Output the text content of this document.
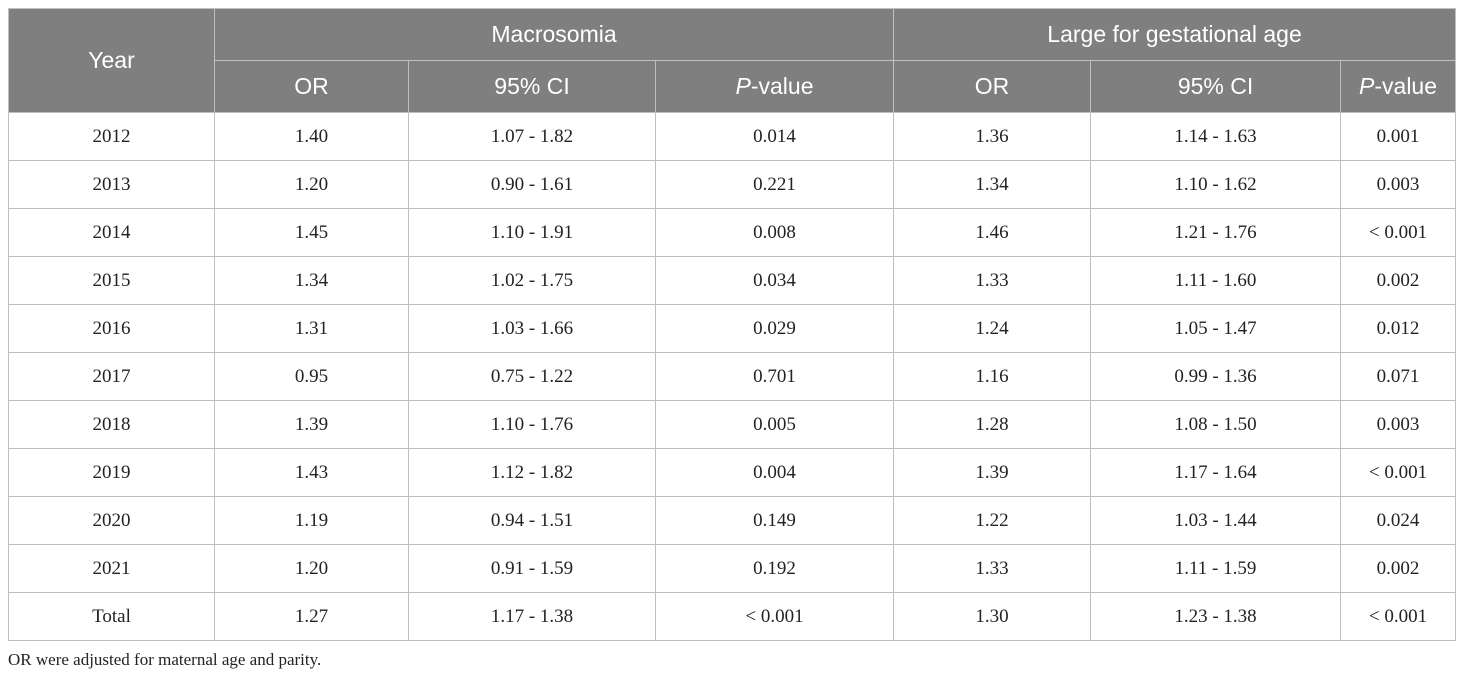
Year	Macrosomia			Large for gestational age		
	OR	95% CI	P-value	OR	95% CI	P-value
2012	1.40	1.07 - 1.82	0.014	1.36	1.14 - 1.63	0.001
2013	1.20	0.90 - 1.61	0.221	1.34	1.10 - 1.62	0.003
2014	1.45	1.10 - 1.91	0.008	1.46	1.21 - 1.76	< 0.001
2015	1.34	1.02 - 1.75	0.034	1.33	1.11 - 1.60	0.002
2016	1.31	1.03 - 1.66	0.029	1.24	1.05 - 1.47	0.012
2017	0.95	0.75 - 1.22	0.701	1.16	0.99 - 1.36	0.071
2018	1.39	1.10 - 1.76	0.005	1.28	1.08 - 1.50	0.003
2019	1.43	1.12 - 1.82	0.004	1.39	1.17 - 1.64	< 0.001
2020	1.19	0.94 - 1.51	0.149	1.22	1.03 - 1.44	0.024
2021	1.20	0.91 - 1.59	0.192	1.33	1.11 - 1.59	0.002
Total	1.27	1.17 - 1.38	< 0.001	1.30	1.23 - 1.38	< 0.001
OR were adjusted for maternal age and parity.
